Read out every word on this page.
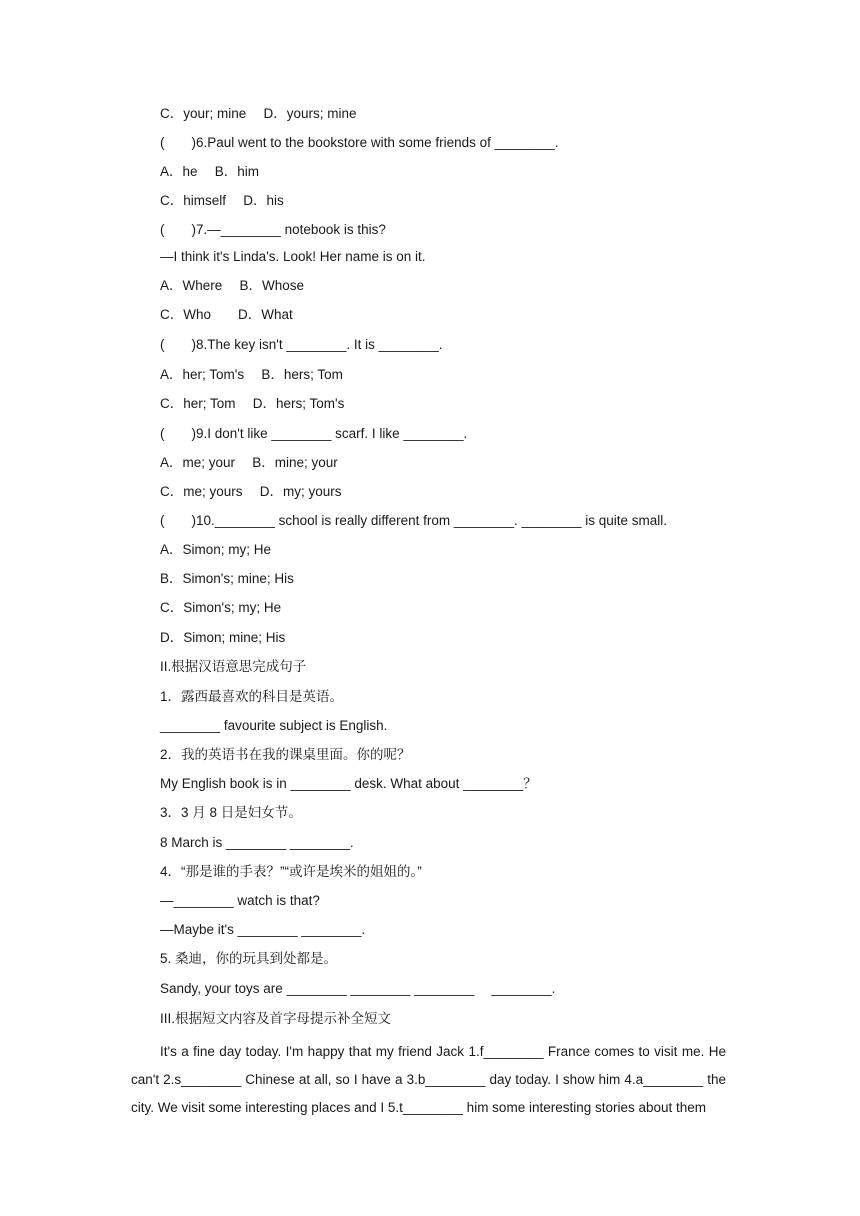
C．your; mine　 D．yours; mine
(　　)6.Paul went to the bookstore with some friends of ________.
A．he　 B．him
C．himself　 D．his
(　　)7.—________ notebook is this?
—I think it's Linda's. Look! Her name is on it.
A．Where　 B．Whose
C．Who　　D．What
(　　)8.The key isn't ________. It is ________.
A．her; Tom's　 B．hers; Tom
C．her; Tom　 D．hers; Tom's
(　　)9.I don't like ________ scarf. I like ________.
A．me; your　 B．mine; your
C．me; yours　 D．my; yours
(　　)10.________ school is really different from ________. ________ is quite small.
A．Simon; my; He
B．Simon's; mine; His
C．Simon's; my; He
D．Simon; mine; His
II.根据汉语意思完成句子
1．露西最喜欢的科目是英语。
________ favourite subject is English.
2．我的英语书在我的课桌里面。你的呢？
My English book is in ________ desk. What about ________？
3．3 月 8 日是妇女节。
8 March is ________ ________.
4．“那是谁的手表？”“或许是埃米的姐姐的。”
—________ watch is that?
—Maybe it's ________ ________.
5. 桑迪，你的玩具到处都是。
Sandy, your toys are ________ ________ ________　 ________.
III.根据短文内容及首字母提示补全短文
It's a fine day today. I'm happy that my friend Jack 1.f________ France comes to visit me. He can't 2.s________ Chinese at all, so I have a 3.b________ day today. I show him 4.a________ the city. We visit some interesting places and I 5.t________ him some interesting stories about them
